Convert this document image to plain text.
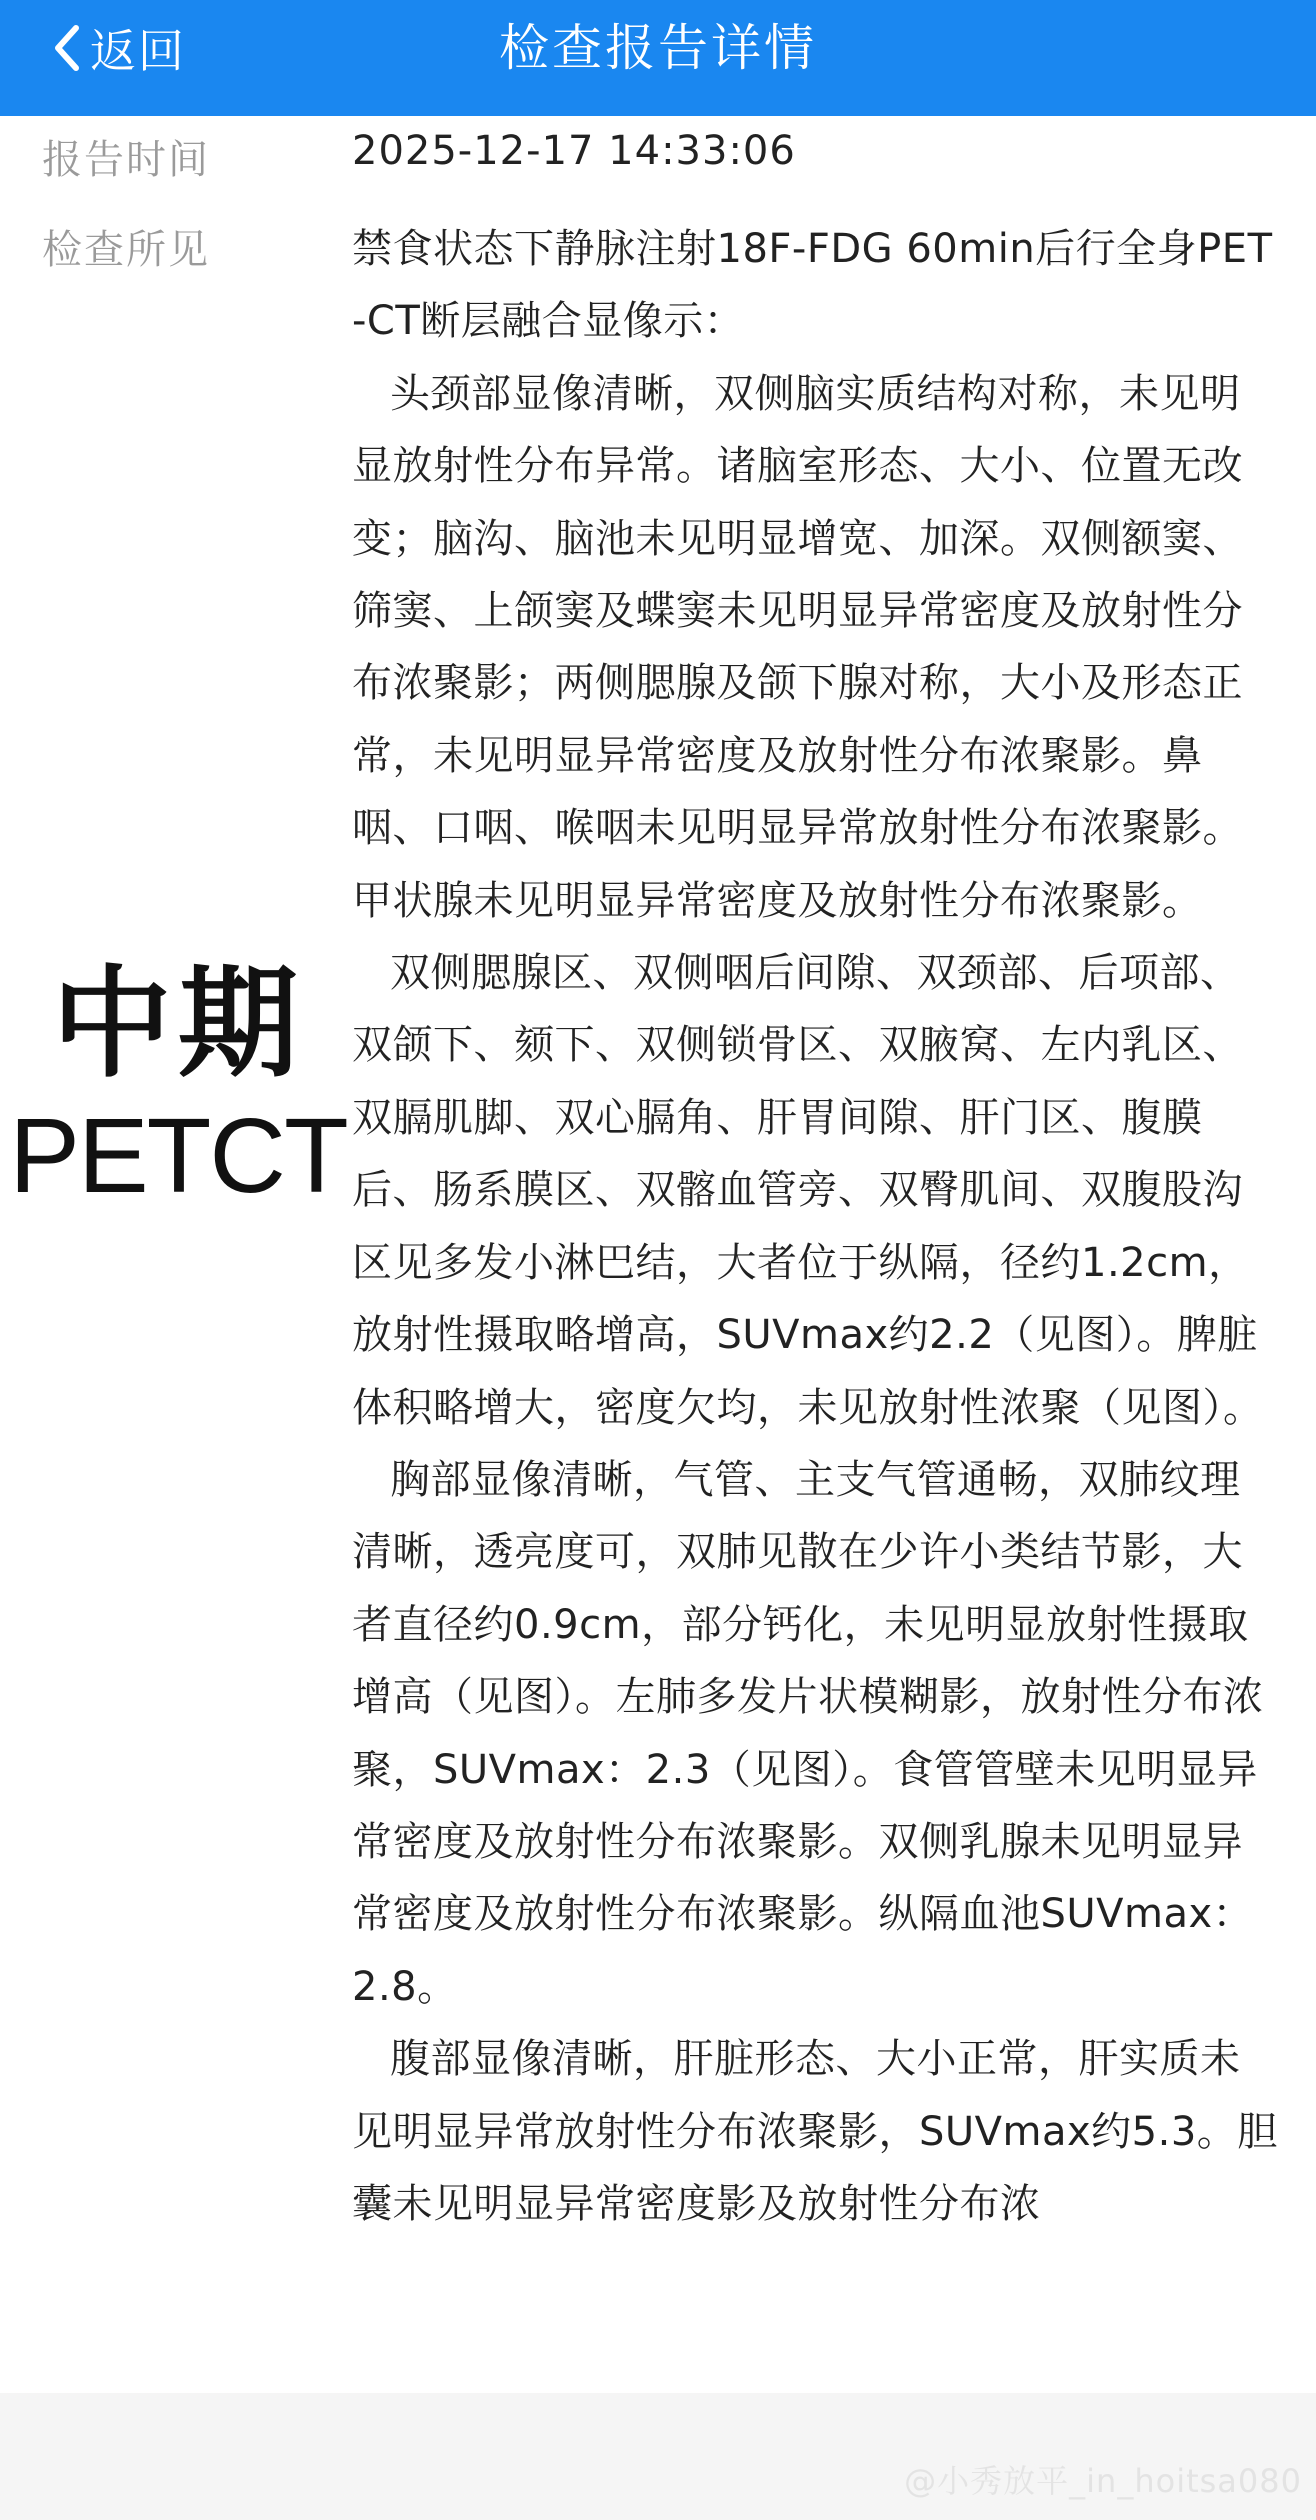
返回	检查报告详情
报告时间	2025-12-17 14:33:06
检查所见	禁食状态下静脉注射18F-FDG 60min后行全身PET-CT断层融合显像示：

头颈部显像清晰，双侧脑实质结构对称，未见明显放射性分布异常。诸脑室形态、大小、位置无改变；脑沟、脑池未见明显增宽、加深。双侧额窦、筛窦、上颌窦及蝶窦未见明显异常密度及放射性分布浓聚影；两侧腮腺及颌下腺对称，大小及形态正常，未见明显异常密度及放射性分布浓聚影。鼻咽、口咽、喉咽未见明显异常放射性分布浓聚影。甲状腺未见明显异常密度及放射性分布浓聚影。

双侧腮腺区、双侧咽后间隙、双颈部、后项部、双颌下、颏下、双侧锁骨区、双腋窝、左内乳区、双膈肌脚、双心膈角、肝胃间隙、肝门区、腹膜后、肠系膜区、双髂血管旁、双臀肌间、双腹股沟区见多发小淋巴结，大者位于纵隔，径约1.2cm，放射性摄取略增高，SUVmax约2.2（见图）。脾脏体积略增大，密度欠均，未见放射性浓聚（见图）。

胸部显像清晰，气管、主支气管通畅，双肺纹理清晰，透亮度可，双肺见散在少许小类结节影，大者直径约0.9cm，部分钙化，未见明显放射性摄取增高（见图）。左肺多发片状模糊影，放射性分布浓聚，SUVmax：2.3（见图）。食管管壁未见明显异常密度及放射性分布浓聚影。双侧乳腺未见明显异常密度及放射性分布浓聚影。纵隔血池SUVmax：2.8。

腹部显像清晰，肝脏形态、大小正常，肝实质未见明显异常放射性分布浓聚影，SUVmax约5.3。胆囊未见明显异常密度影及放射性分布浓

中期
PETCT
@小秀放平_in_hoitsa080
